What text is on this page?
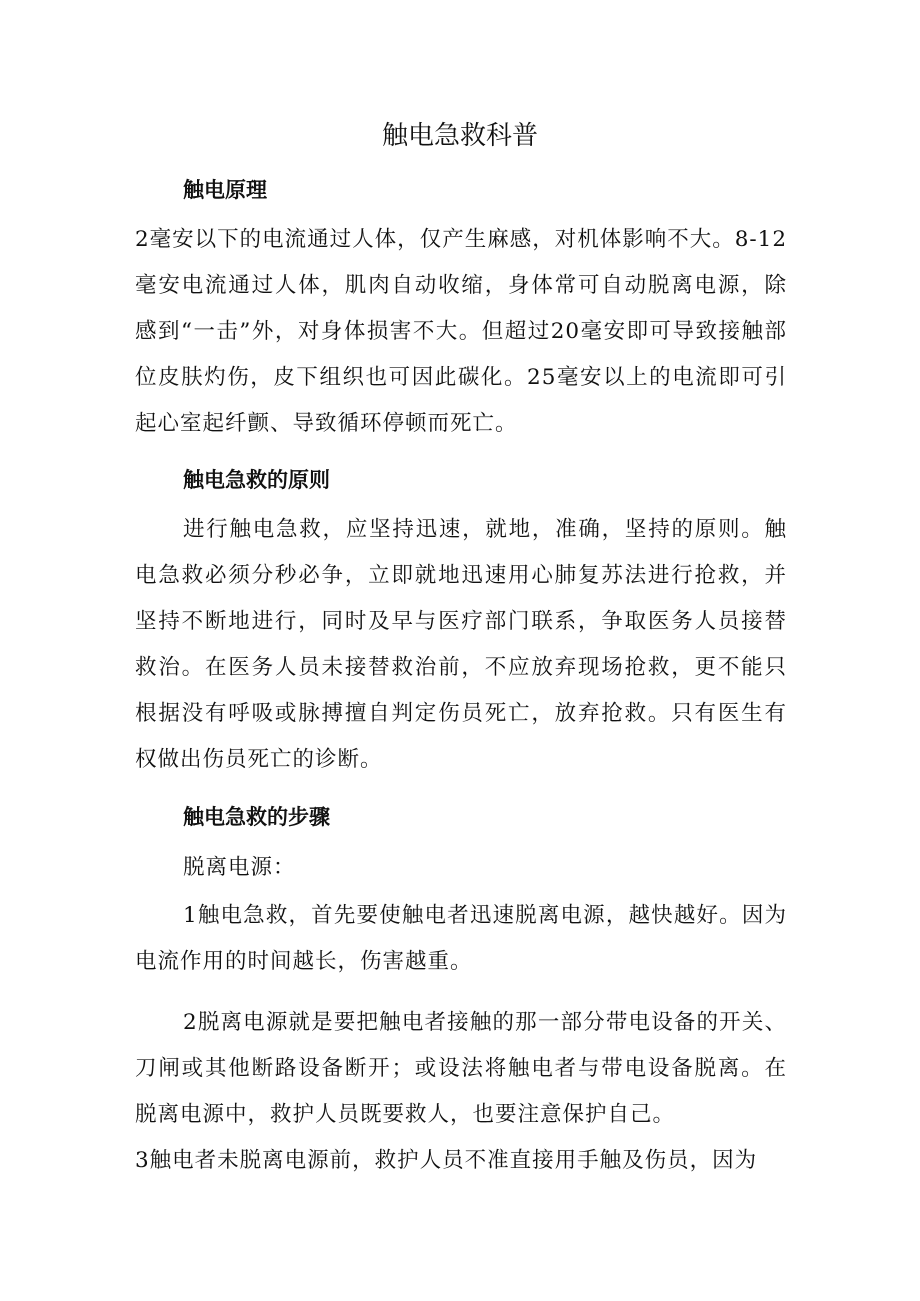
触电急救科普
触电原理

2毫安以下的电流通过人体，仅产生麻感，对机体影响不大。8-12毫安电流通过人体，肌肉自动收缩，身体常可自动脱离电源，除感到“一击”外，对身体损害不大。但超过20毫安即可导致接触部位皮肤灼伤，皮下组织也可因此碳化。25毫安以上的电流即可引起心室起纤颤、导致循环停顿而死亡。

触电急救的原则

进行触电急救，应坚持迅速，就地，准确，坚持的原则。触电急救必须分秒必争，立即就地迅速用心肺复苏法进行抢救，并坚持不断地进行，同时及早与医疗部门联系，争取医务人员接替救治。在医务人员未接替救治前，不应放弃现场抢救，更不能只根据没有呼吸或脉搏擅自判定伤员死亡，放弃抢救。只有医生有权做出伤员死亡的诊断。

触电急救的步骤

脱离电源：

1触电急救，首先要使触电者迅速脱离电源，越快越好。因为电流作用的时间越长，伤害越重。

2脱离电源就是要把触电者接触的那一部分带电设备的开关、刀闸或其他断路设备断开；或设法将触电者与带电设备脱离。在脱离电源中，救护人员既要救人，也要注意保护自己。

3触电者未脱离电源前，救护人员不准直接用手触及伤员，因为
